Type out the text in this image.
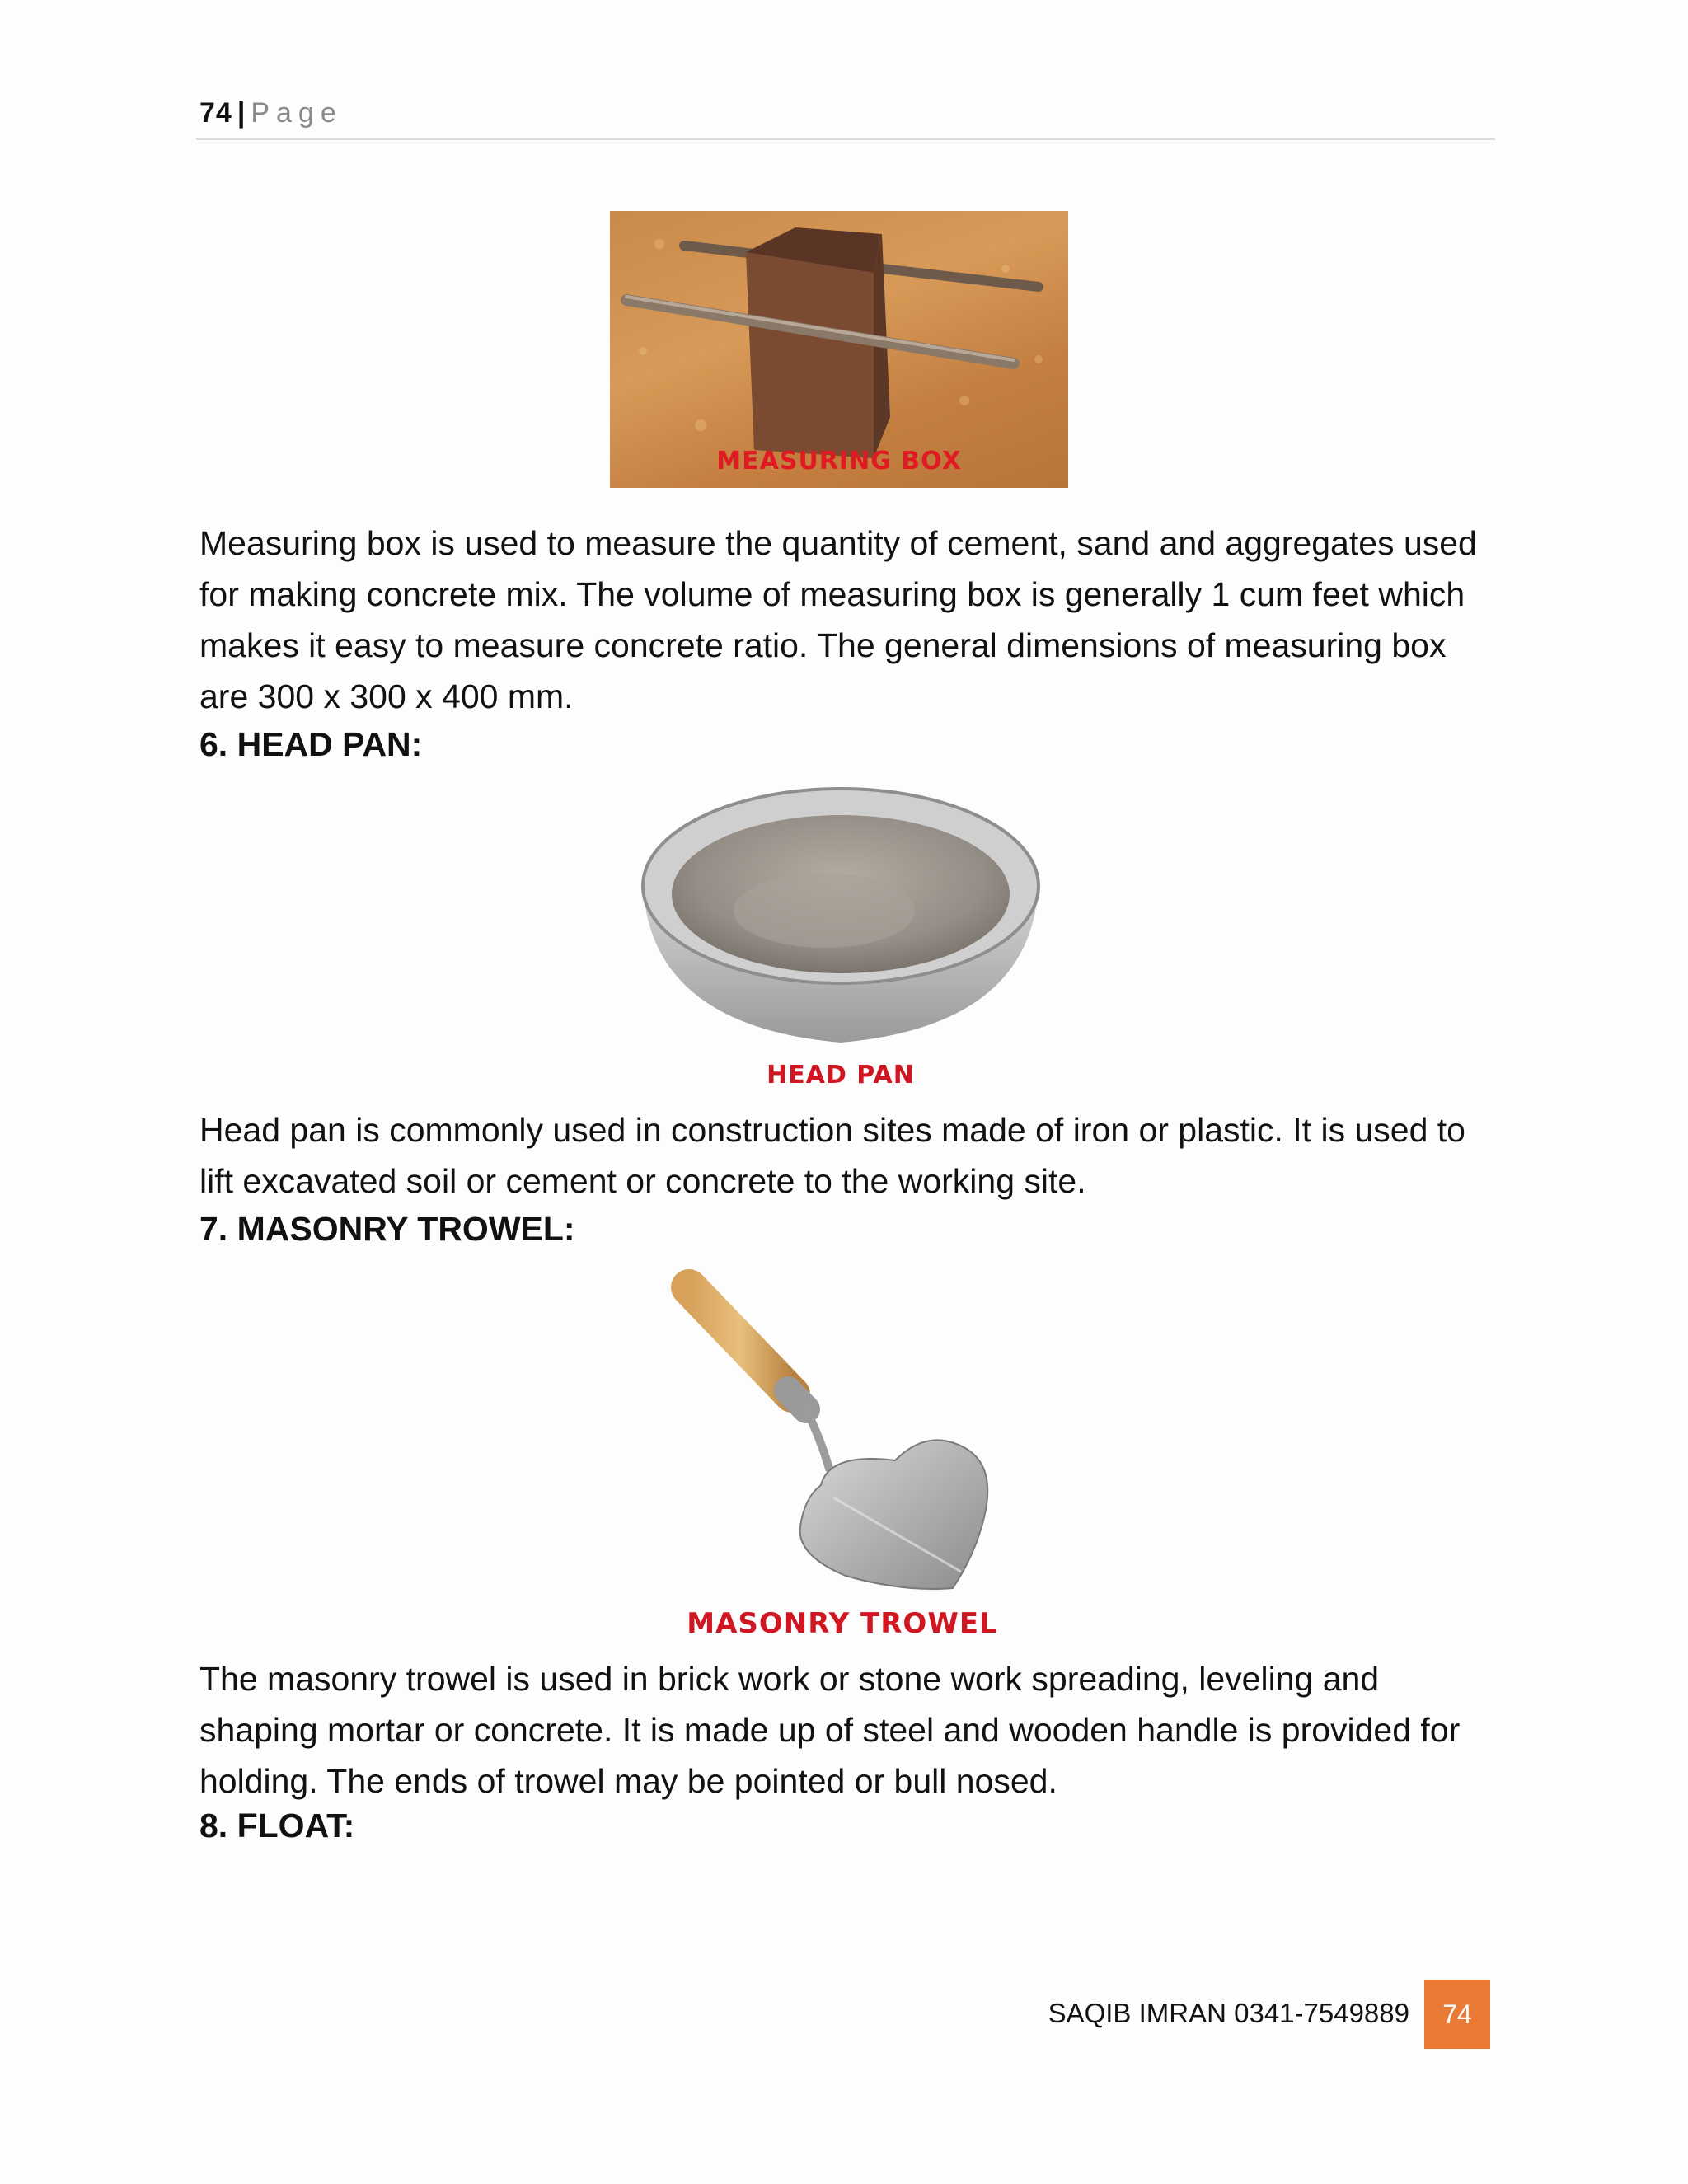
74 | Page
MEASURING BOX

Measuring box is used to measure the quantity of cement, sand and aggregates used for making concrete mix. The volume of measuring box is generally 1 cum feet which makes it easy to measure concrete ratio. The general dimensions of measuring box are 300 x 300 x 400 mm.

6. HEAD PAN:
HEAD PAN

Head pan is commonly used in construction sites made of iron or plastic. It is used to lift excavated soil or cement or concrete to the working site.

7. MASONRY TROWEL:
MASONRY TROWEL

The masonry trowel is used in brick work or stone work spreading, leveling and shaping mortar or concrete. It is made up of steel and wooden handle is provided for holding. The ends of trowel may be pointed or bull nosed.

8. FLOAT:
SAQIB IMRAN 0341-7549889	74
